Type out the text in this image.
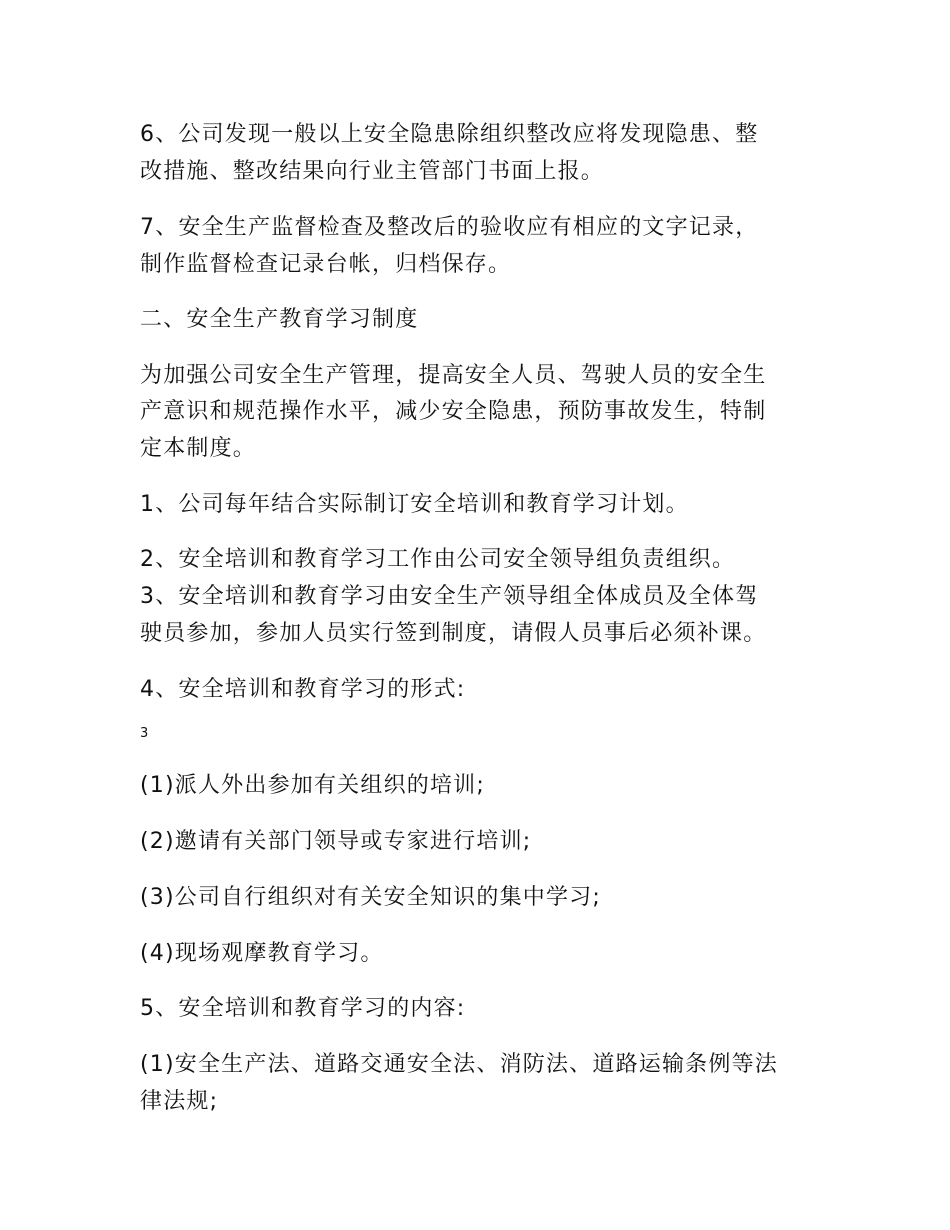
6、公司发现一般以上安全隐患除组织整改应将发现隐患、整
改措施、整改结果向行业主管部门书面上报。
7、安全生产监督检查及整改后的验收应有相应的文字记录，
制作监督检查记录台帐，归档保存。
二、安全生产教育学习制度
为加强公司安全生产管理，提高安全人员、驾驶人员的安全生
产意识和规范操作水平，减少安全隐患，预防事故发生，特制
定本制度。
1、公司每年结合实际制订安全培训和教育学习计划。
2、安全培训和教育学习工作由公司安全领导组负责组织。
3、安全培训和教育学习由安全生产领导组全体成员及全体驾
驶员参加，参加人员实行签到制度，请假人员事后必须补课。
4、安全培训和教育学习的形式:
3
(1)派人外出参加有关组织的培训;
(2)邀请有关部门领导或专家进行培训;
(3)公司自行组织对有关安全知识的集中学习;
(4)现场观摩教育学习。
5、安全培训和教育学习的内容:
(1)安全生产法、道路交通安全法、消防法、道路运输条例等法
律法规;
